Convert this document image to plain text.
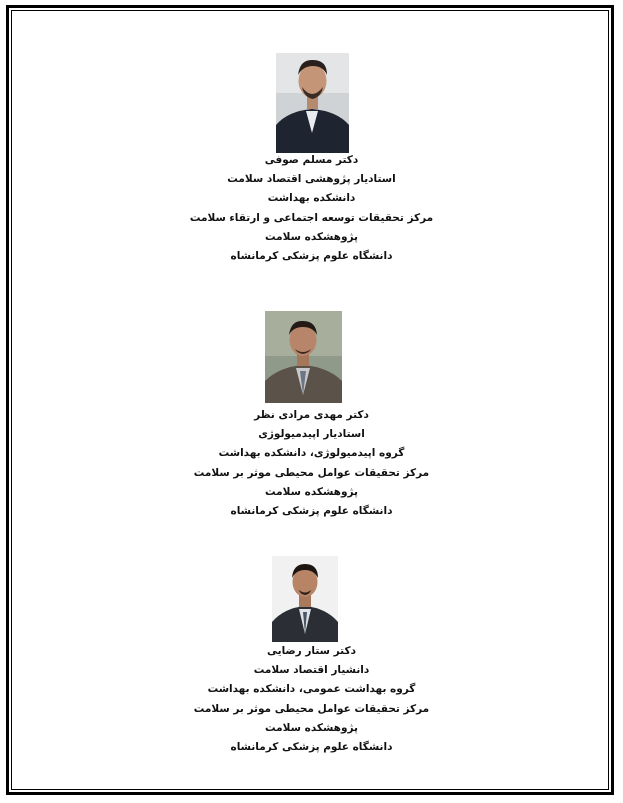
دکتر مسلم صوفی
استادیار پژوهشی اقتصاد سلامت
دانشکده بهداشت
مرکز تحقیقات توسعه اجتماعی و ارتقاء سلامت
پژوهشکده سلامت
دانشگاه علوم پزشکی کرمانشاه
دکتر مهدی مرادی نظر
استادیار اپیدمیولوژی
گروه اپیدمیولوژی، دانشکده بهداشت
مرکز تحقیقات عوامل محیطی موثر بر سلامت
پژوهشکده سلامت
دانشگاه علوم پزشکی کرمانشاه
دکتر ستار رضایی
دانشیار اقتصاد سلامت
گروه بهداشت عمومی، دانشکده بهداشت
مرکز تحقیقات عوامل محیطی موثر بر سلامت
پژوهشکده سلامت
دانشگاه علوم پزشکی کرمانشاه
